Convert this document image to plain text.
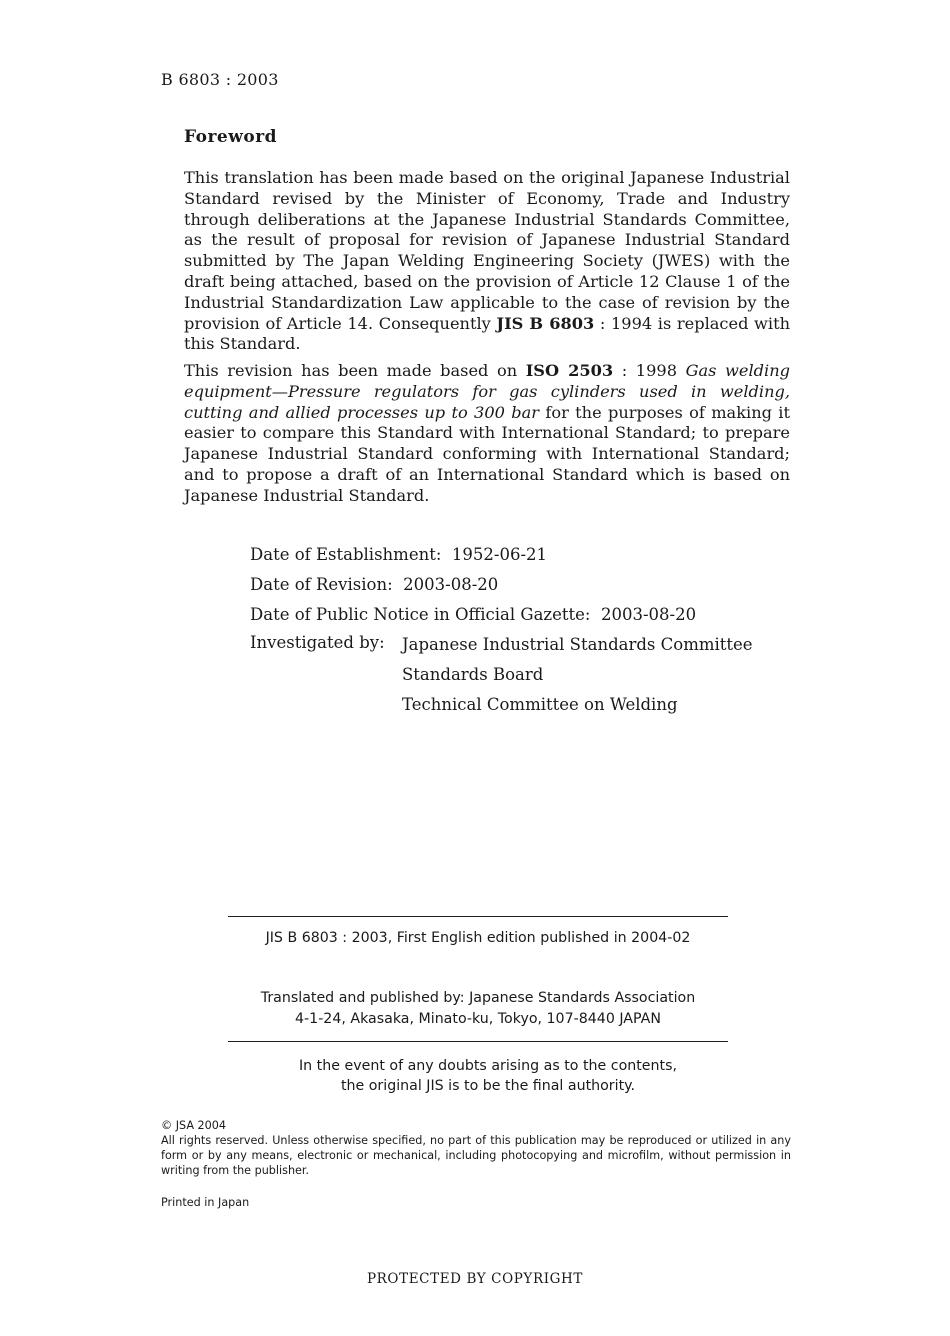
B 6803 : 2003
Foreword

This translation has been made based on the original Japanese Industrial Standard revised by the Minister of Economy, Trade and Industry through deliberations at the Japanese Industrial Standards Committee, as the result of proposal for revision of Japanese Industrial Standard submitted by The Japan Welding Engineering Society (JWES) with the draft being attached, based on the provision of Article 12 Clause 1 of the Industrial Standardization Law applicable to the case of revision by the provision of Article 14. Consequently JIS B 6803 : 1994 is replaced with this Standard.

This revision has been made based on ISO 2503 : 1998 Gas welding equipment—Pressure regulators for gas cylinders used in welding, cutting and allied processes up to 300 bar for the purposes of making it easier to compare this Standard with International Standard; to prepare Japanese Industrial Standard conforming with International Standard; and to propose a draft of an International Standard which is based on Japanese Industrial Standard.

Date of Establishment: 1952-06-21
Date of Revision: 2003-08-20
Date of Public Notice in Official Gazette: 2003-08-20
Investigated by:	Japanese Industrial Standards Committee
Standards Board
Technical Committee on Welding
JIS B 6803 : 2003, First English edition published in 2004-02
Translated and published by: Japanese Standards Association
4-1-24, Akasaka, Minato-ku, Tokyo, 107-8440 JAPAN
In the event of any doubts arising as to the contents,
the original JIS is to be the final authority.
© JSA 2004
All rights reserved. Unless otherwise specified, no part of this publication may be reproduced or utilized in any form or by any means, electronic or mechanical, including photocopying and microfilm, without permission in writing from the publisher.
Printed in Japan
PROTECTED BY COPYRIGHT
